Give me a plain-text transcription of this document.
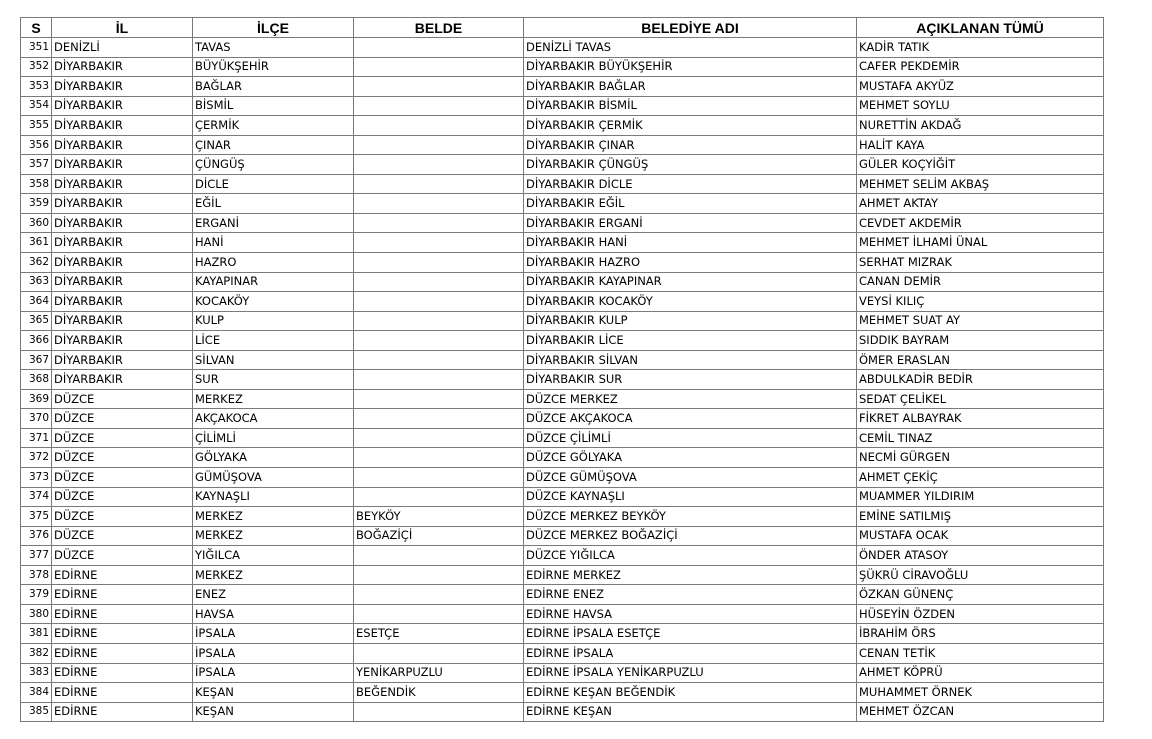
S	İL	İLÇE	BELDE	BELEDİYE ADI	AÇIKLANAN TÜMÜ
351	DENİZLİ	TAVAS		DENİZLİ TAVAS	KADİR TATIK
352	DİYARBAKIR	BÜYÜKŞEHİR		DİYARBAKIR BÜYÜKŞEHİR	CAFER PEKDEMİR
353	DİYARBAKIR	BAĞLAR		DİYARBAKIR BAĞLAR	MUSTAFA AKYÜZ
354	DİYARBAKIR	BİSMİL		DİYARBAKIR BİSMİL	MEHMET SOYLU
355	DİYARBAKIR	ÇERMİK		DİYARBAKIR ÇERMİK	NURETTİN AKDAĞ
356	DİYARBAKIR	ÇINAR		DİYARBAKIR ÇINAR	HALİT KAYA
357	DİYARBAKIR	ÇÜNGÜŞ		DİYARBAKIR ÇÜNGÜŞ	GÜLER KOÇYİĞİT
358	DİYARBAKIR	DİCLE		DİYARBAKIR DİCLE	MEHMET SELİM AKBAŞ
359	DİYARBAKIR	EĞİL		DİYARBAKIR EĞİL	AHMET AKTAY
360	DİYARBAKIR	ERGANİ		DİYARBAKIR ERGANİ	CEVDET AKDEMİR
361	DİYARBAKIR	HANİ		DİYARBAKIR HANİ	MEHMET İLHAMİ ÜNAL
362	DİYARBAKIR	HAZRO		DİYARBAKIR HAZRO	SERHAT MIZRAK
363	DİYARBAKIR	KAYAPINAR		DİYARBAKIR KAYAPINAR	CANAN DEMİR
364	DİYARBAKIR	KOCAKÖY		DİYARBAKIR KOCAKÖY	VEYSİ KILIÇ
365	DİYARBAKIR	KULP		DİYARBAKIR KULP	MEHMET SUAT AY
366	DİYARBAKIR	LİCE		DİYARBAKIR LİCE	SIDDIK BAYRAM
367	DİYARBAKIR	SİLVAN		DİYARBAKIR SİLVAN	ÖMER ERASLAN
368	DİYARBAKIR	SUR		DİYARBAKIR SUR	ABDULKADİR BEDİR
369	DÜZCE	MERKEZ		DÜZCE MERKEZ	SEDAT ÇELİKEL
370	DÜZCE	AKÇAKOCA		DÜZCE AKÇAKOCA	FİKRET ALBAYRAK
371	DÜZCE	ÇİLİMLİ		DÜZCE ÇİLİMLİ	CEMİL TINAZ
372	DÜZCE	GÖLYAKA		DÜZCE GÖLYAKA	NECMİ GÜRGEN
373	DÜZCE	GÜMÜŞOVA		DÜZCE GÜMÜŞOVA	AHMET ÇEKİÇ
374	DÜZCE	KAYNAŞLI		DÜZCE KAYNAŞLI	MUAMMER YILDIRIM
375	DÜZCE	MERKEZ	BEYKÖY	DÜZCE MERKEZ BEYKÖY	EMİNE SATILMIŞ
376	DÜZCE	MERKEZ	BOĞAZİÇİ	DÜZCE MERKEZ BOĞAZİÇİ	MUSTAFA OCAK
377	DÜZCE	YIĞILCA		DÜZCE YIĞILCA	ÖNDER ATASOY
378	EDİRNE	MERKEZ		EDİRNE MERKEZ	ŞÜKRÜ CİRAVOĞLU
379	EDİRNE	ENEZ		EDİRNE ENEZ	ÖZKAN GÜNENÇ
380	EDİRNE	HAVSA		EDİRNE HAVSA	HÜSEYİN ÖZDEN
381	EDİRNE	İPSALA	ESETÇE	EDİRNE İPSALA ESETÇE	İBRAHİM ÖRS
382	EDİRNE	İPSALA		EDİRNE İPSALA	CENAN TETİK
383	EDİRNE	İPSALA	YENİKARPUZLU	EDİRNE İPSALA YENİKARPUZLU	AHMET KÖPRÜ
384	EDİRNE	KEŞAN	BEĞENDİK	EDİRNE KEŞAN BEĞENDİK	MUHAMMET ÖRNEK
385	EDİRNE	KEŞAN		EDİRNE KEŞAN	MEHMET ÖZCAN
